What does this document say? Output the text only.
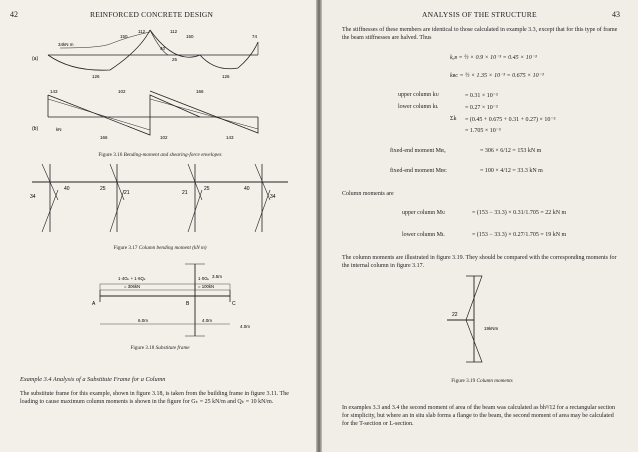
42	REINFORCED CONCRETE DESIGN
(a)
34kN m
150
112	112
150
40
25
74
126	126
(b)
143	102	166
kN
166	102	143
Figure 3.16 Bending-moment and shearing-force envelopes
34
40	25
21	21
25	40
34
Figure 3.17 Column bending moment (kN m)
1·4Gₖ + 1·6Qₖ
= 306kN
1·0Gₖ
= 100kN
A	B	C
3.5m
4.0m
6.0m	4.0m
Figure 3.18 Substitute frame
Example 3.4 Analysis of a Substitute Frame for a Column
The substitute frame for this example, shown in figure 3.18, is taken from the building frame in figure 3.11. The loading to cause maximum column moments is shown in the figure for Gₖ = 25 kN/m and Qₖ = 10 kN/m.
ANALYSIS OF THE STRUCTURE	43
The stiffnesses of these members are identical to those calculated in example 3.3, except that for this type of frame the beam stiffnesses are halved. Thus
kₐʙ = ½ × 0.9 × 10⁻³ = 0.45 × 10⁻³
kʙᴄ = ½ × 1.35 × 10⁻³ = 0.675 × 10⁻³
upper column kᴜ	= 0.31 × 10⁻³
lower column kʟ	= 0.27 × 10⁻³
Σk = (0.45 + 0.675 + 0.31 + 0.27) × 10⁻³
= 1.705 × 10⁻³
fixed-end moment Mʙₐ	= 306 × 6/12 = 153 kN m
fixed-end moment Mʙᴄ	= 100 × 4/12 = 33.3 kN m
Column moments are
upper column Mᴜ	= (153 − 33.3) × 0.31/1.705 = 22 kN m
lower column Mʟ	= (153 − 33.3) × 0.27/1.705 = 19 kN m
The column moments are illustrated in figure 3.19. They should be compared with the corresponding moments for the internal column in figure 3.17.
22
19kNm
Figure 3.19 Column moments
In examples 3.3 and 3.4 the second moment of area of the beam was calculated as bh³/12 for a rectangular section for simplicity, but where an in situ slab forms a flange to the beam, the second moment of area may be calculated for the T-section or L-section.
